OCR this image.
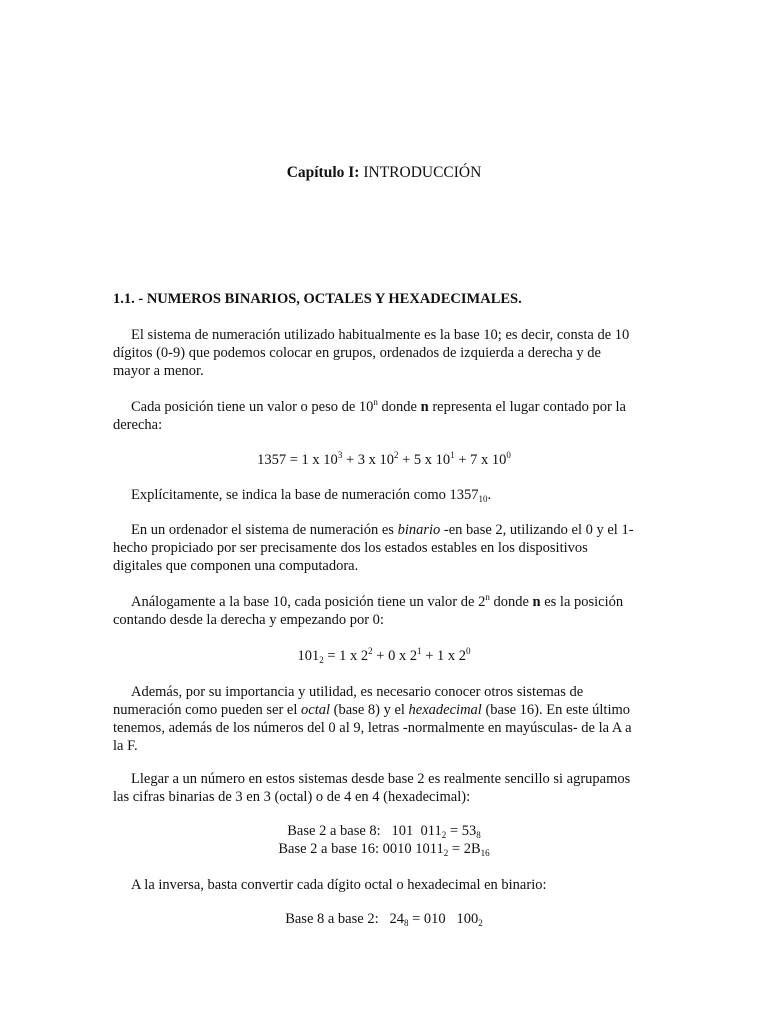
Capítulo I: INTRODUCCIÓN
1.1. - NUMEROS BINARIOS, OCTALES Y HEXADECIMALES.
El sistema de numeración utilizado habitualmente es la base 10; es decir, consta de 10
dígitos (0-9) que podemos colocar en grupos, ordenados de izquierda a derecha y de
mayor a menor.
Cada posición tiene un valor o peso de 10$^n$ donde n representa el lugar contado por la
derecha:
1357 = 1 x $10^3 + 3$ x $10^2 + 5$ x $10^1 + 7$ x $10^0$
Explícitamente, se indica la base de numeración como $1357_{10}$.
En un ordenador el sistema de numeración es binario -en base 2, utilizando el 0 y el 1-
hecho propiciado por ser precisamente dos los estados estables en los dispositivos
digitales que componen una computadora.
Análogamente a la base 10, cada posición tiene un valor de 2$^n$ donde n es la posición
contando desde la derecha y empezando por 0:
$101_2 = 1$ x $2^2 + 0$ x $2^1 + 1$ x $2^0$
Además, por su importancia y utilidad, es necesario conocer otros sistemas de
numeración como pueden ser el octal (base 8) y el hexadecimal (base 16). En este último
tenemos, además de los números del 0 al 9, letras -normalmente en mayúsculas- de la A a
la F.
Llegar a un número en estos sistemas desde base 2 es realmente sencillo si agrupamos
las cifras binarias de 3 en 3 (octal) o de 4 en 4 (hexadecimal):
Base 2 a base 8:   101  $011_2 = 53_8$
Base 2 a base 16: 0010 $1011_2 = 2B_{16}$
A la inversa, basta convertir cada dígito octal o hexadecimal en binario:
Base 8 a base 2:   $24_8 = 010$   $100_2$
